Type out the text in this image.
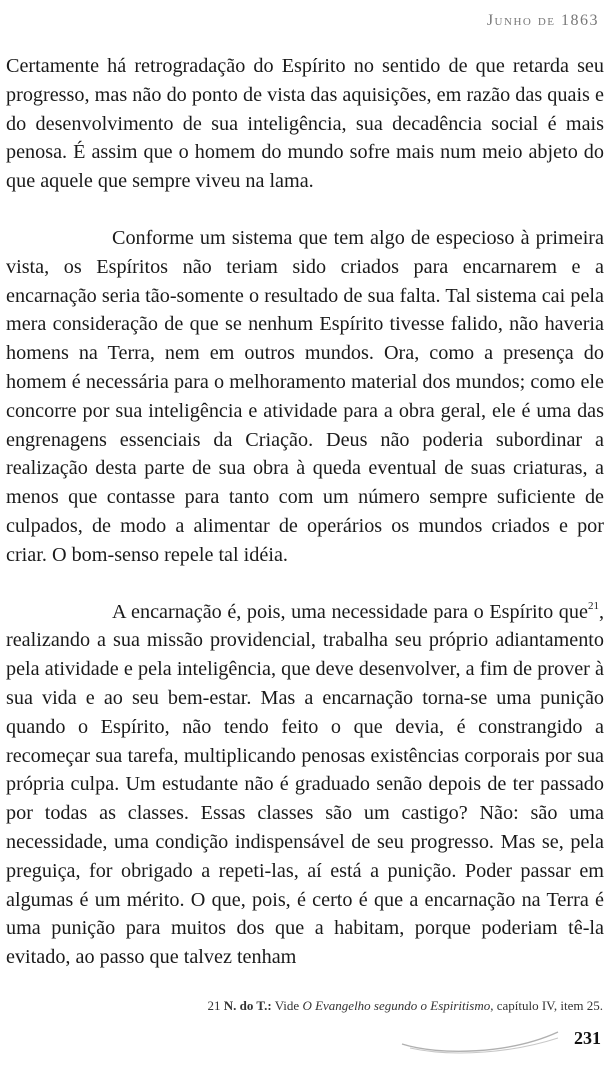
Junho de 1863

Certamente há retrogradação do Espírito no sentido de que retarda seu progresso, mas não do ponto de vista das aquisições, em razão das quais e do desenvolvimento de sua inteligência, sua decadência social é mais penosa. É assim que o homem do mundo sofre mais num meio abjeto do que aquele que sempre viveu na lama.

Conforme um sistema que tem algo de especioso à primeira vista, os Espíritos não teriam sido criados para encarnarem e a encarnação seria tão-somente o resultado de sua falta. Tal sistema cai pela mera consideração de que se nenhum Espírito tivesse falido, não haveria homens na Terra, nem em outros mundos. Ora, como a presença do homem é necessária para o melhoramento material dos mundos; como ele concorre por sua inteligência e atividade para a obra geral, ele é uma das engrenagens essenciais da Criação. Deus não poderia subordinar a realização desta parte de sua obra à queda eventual de suas criaturas, a menos que contasse para tanto com um número sempre suficiente de culpados, de modo a alimentar de operários os mundos criados e por criar. O bom-senso repele tal idéia.

A encarnação é, pois, uma necessidade para o Espírito que$^{21}$, realizando a sua missão providencial, trabalha seu próprio adiantamento pela atividade e pela inteligência, que deve desenvolver, a fim de prover à sua vida e ao seu bem-estar. Mas a encarnação torna-se uma punição quando o Espírito, não tendo feito o que devia, é constrangido a recomeçar sua tarefa, multiplicando penosas existências corporais por sua própria culpa. Um estudante não é graduado senão depois de ter passado por todas as classes. Essas classes são um castigo? Não: são uma necessidade, uma condição indispensável de seu progresso. Mas se, pela preguiça, for obrigado a repeti-las, aí está a punição. Poder passar em algumas é um mérito. O que, pois, é certo é que a encarnação na Terra é uma punição para muitos dos que a habitam, porque poderiam tê-la evitado, ao passo que talvez tenham

21 N. do T.: Vide O Evangelho segundo o Espiritismo, capítulo IV, item 25.
231
